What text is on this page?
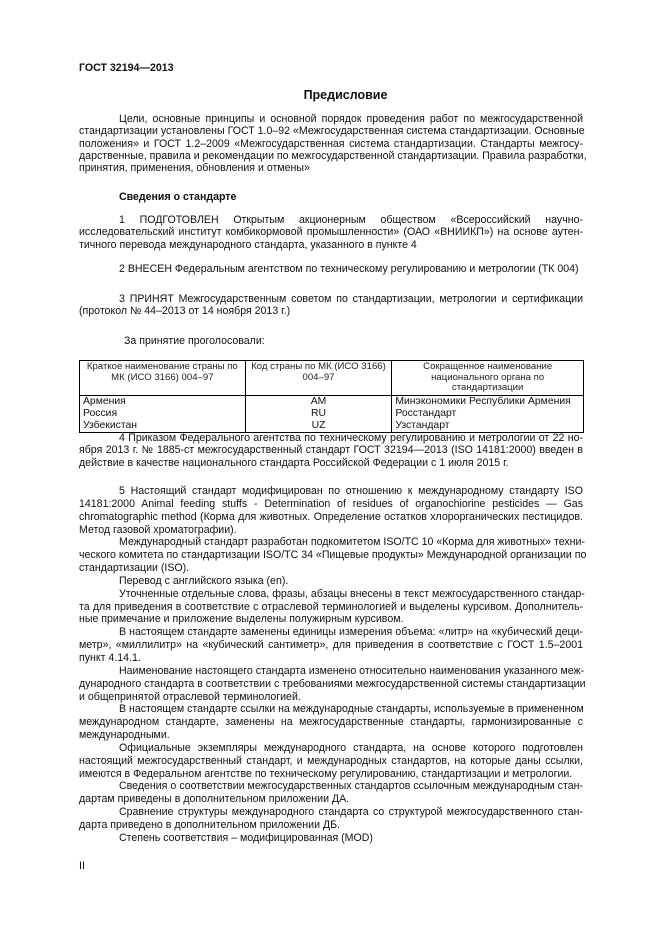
ГОСТ 32194—2013
Предисловие
Цели, основные принципы и основной порядок проведения работ по межгосударственной
стандартизации установлены ГОСТ 1.0–92 «Межгосударственная система стандартизации. Основные
положения» и ГОСТ 1.2–2009 «Межгосударственная система стандартизации. Стандарты межгосу-
дарственные, правила и рекомендации по межгосударственной стандартизации. Правила разработки,
принятия, применения, обновления и отмены»
Сведения о стандарте
1 ПОДГОТОВЛЕН Открытым акционерным обществом «Всероссийский научно-
исследовательский институт комбикормовой промышленности» (ОАО «ВНИИКП») на основе аутен-
тичного перевода международного стандарта, указанного в пункте 4
2 ВНЕСЕН Федеральным агентством по техническому регулированию и метрологии (ТК 004)
3 ПРИНЯТ Межгосударственным советом по стандартизации, метрологии и сертификации
(протокол № 44–2013 от 14 ноября 2013 г.)
За принятие проголосовали:
Краткое наименование страны по МК (ИСО 3166) 004–97	Код страны по МК (ИСО 3166) 004–97	Сокращенное наименование национального органа по стандартизации
Армения	AM	Минэкономики Республики Армения
Россия	RU	Росстандарт
Узбекистан	UZ	Узстандарт
4 Приказом Федерального агентства по техническому регулированию и метрологии от 22 но-
ября 2013 г. № 1885-ст межгосударственный стандарт ГОСТ 32194—2013 (ISO 14181:2000) введен в
действие в качестве национального стандарта Российской Федерации с 1 июля 2015 г.
5 Настоящий стандарт модифицирован по отношению к международному стандарту ISO
14181:2000 Animal feeding stuffs - Determination of residues of organochiorine pesticides — Gas
chromatographic method (Корма для животных. Определение остатков хлорорганических пестицидов.
Метод газовой хроматографии).
Международный стандарт разработан подкомитетом ISO/TC 10 «Корма для животных» техни-
ческого комитета по стандартизации ISO/TC 34 «Пищевые продукты» Международной организации по
стандартизации (ISO).
Перевод с английского языка (en).
Уточненные отдельные слова, фразы, абзацы внесены в текст межгосударственного стандар-
та для приведения в соответствие с отраслевой терминологией и выделены курсивом. Дополнитель-
ные примечание и приложение выделены полужирным курсивом.
В настоящем стандарте заменены единицы измерения объема: «литр» на «кубический деци-
метр», «миллилитр» на «кубический сантиметр», для приведения в соответствие с ГОСТ 1.5–2001
пункт 4.14.1.
Наименование настоящего стандарта изменено относительно наименования указанного меж-
дународного стандарта в соответствии с требованиями межгосударственной системы стандартизации
и общепринятой отраслевой терминологией.
В настоящем стандарте ссылки на международные стандарты, используемые в примененном
международном стандарте, заменены на межгосударственные стандарты, гармонизированные с
международными.
Официальные экземпляры международного стандарта, на основе которого подготовлен
настоящий межгосударственный стандарт, и международных стандартов, на которые даны ссылки,
имеются в Федеральном агентстве по техническому регулированию, стандартизации и метрологии.
Сведения о соответствии межгосударственных стандартов ссылочным международным стан-
дартам приведены в дополнительном приложении ДА.
Сравнение структуры международного стандарта со структурой межгосударственного стан-
дарта приведено в дополнительном приложении ДБ.
Степень соответствия – модифицированная (MOD)
II
